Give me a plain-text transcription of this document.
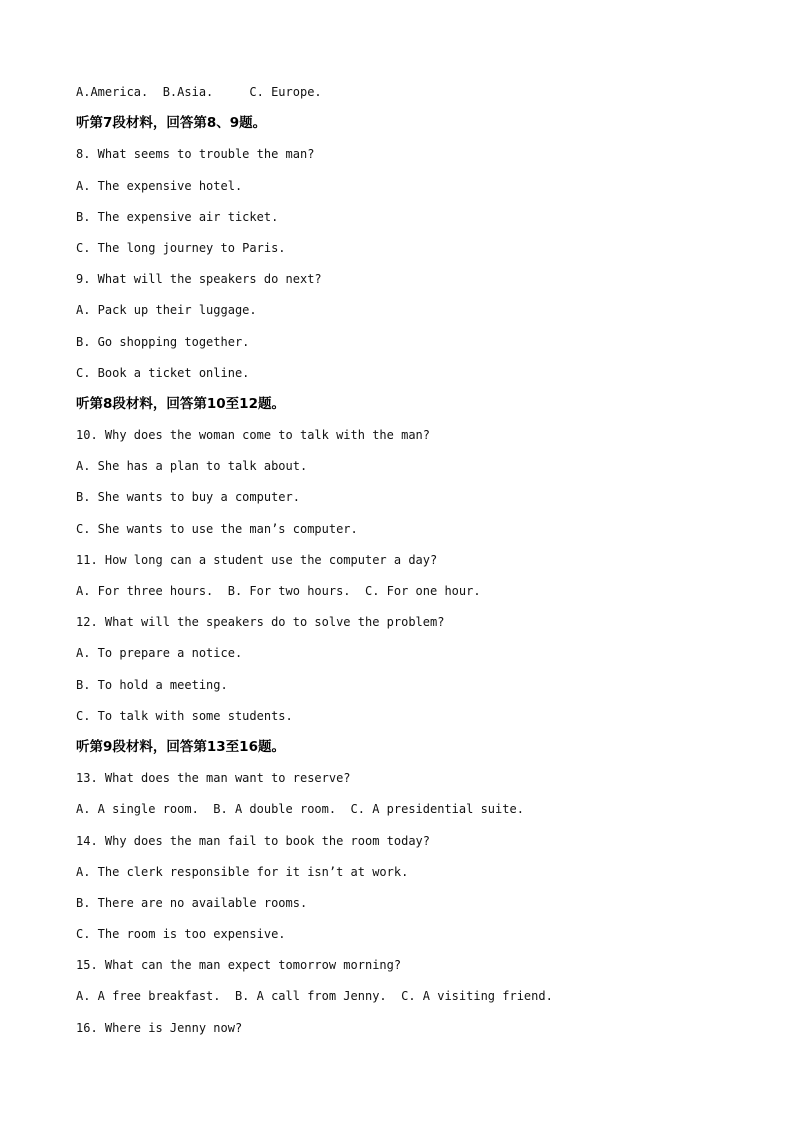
A.America.  B.Asia.     C. Europe.
听第7段材料，回答第8、9题。
8. What seems to trouble the man?
A. The expensive hotel.
B. The expensive air ticket.
C. The long journey to Paris.
9. What will the speakers do next?
A. Pack up their luggage.
B. Go shopping together.
C. Book a ticket online.
听第8段材料，回答第10至12题。
10. Why does the woman come to talk with the man?
A. She has a plan to talk about.
B. She wants to buy a computer.
C. She wants to use the man’s computer.
11. How long can a student use the computer a day?
A. For three hours.  B. For two hours.  C. For one hour.
12. What will the speakers do to solve the problem?
A. To prepare a notice.
B. To hold a meeting.
C. To talk with some students.
听第9段材料，回答第13至16题。
13. What does the man want to reserve?
A. A single room.  B. A double room.  C. A presidential suite.
14. Why does the man fail to book the room today?
A. The clerk responsible for it isn’t at work.
B. There are no available rooms.
C. The room is too expensive.
15. What can the man expect tomorrow morning?
A. A free breakfast.  B. A call from Jenny.  C. A visiting friend.
16. Where is Jenny now?
